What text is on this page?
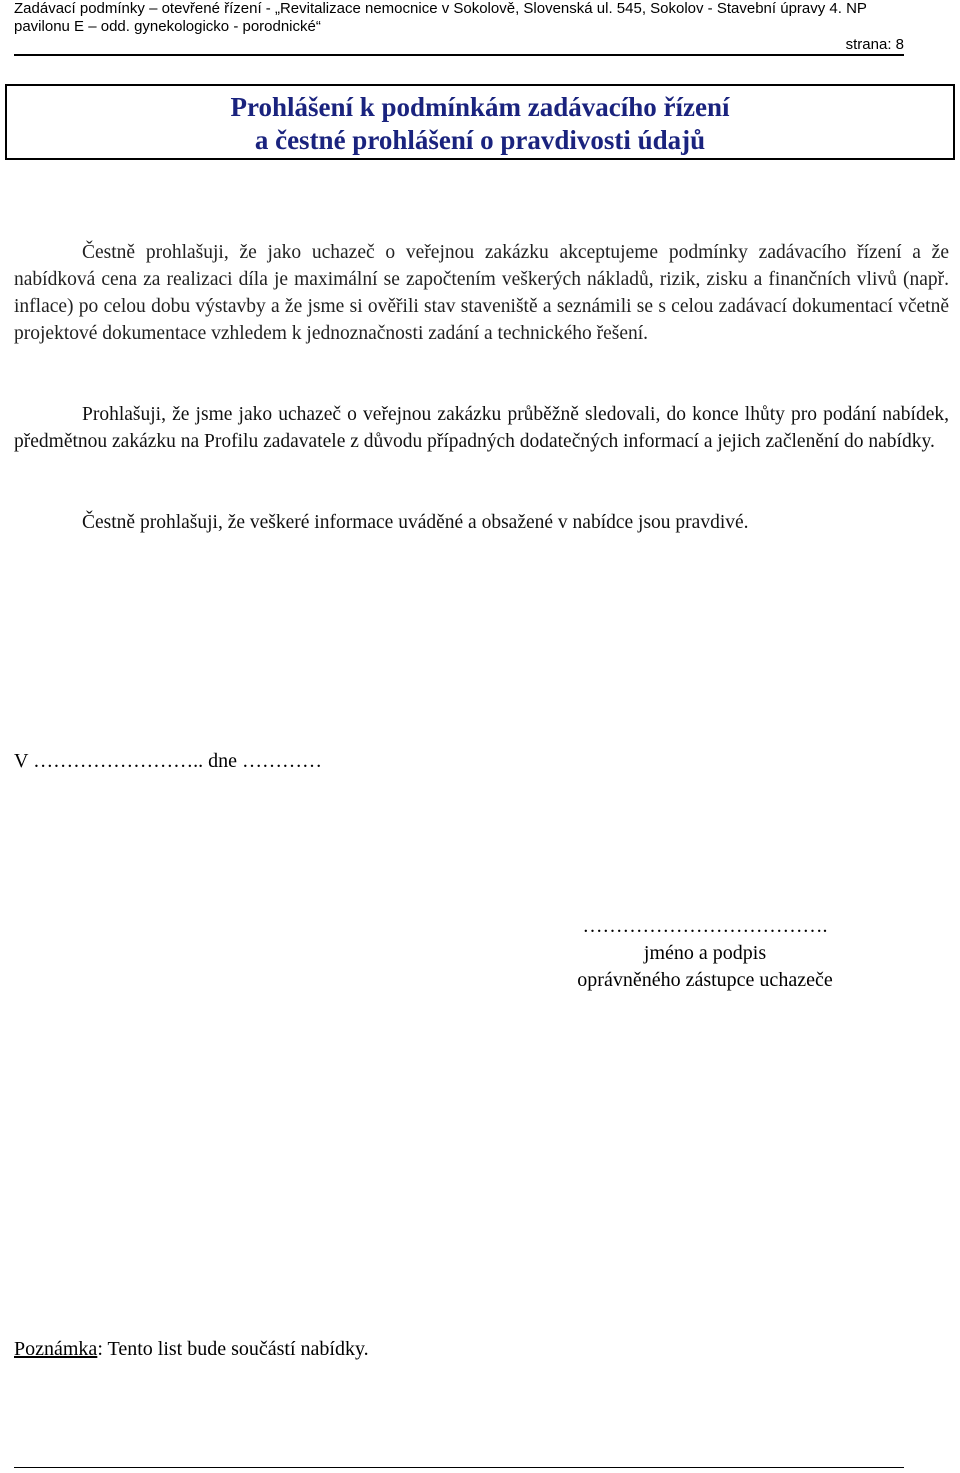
Zadávací podmínky – otevřené řízení - „Revitalizace nemocnice v Sokolově, Slovenská ul. 545, Sokolov - Stavební úpravy 4. NP
pavilonu E – odd. gynekologicko - porodnické“
strana: 8
Prohlášení k podmínkám zadávacího řízení
a čestné prohlášení o pravdivosti údajů
Čestně prohlašuji, že jako uchazeč o veřejnou zakázku akceptujeme podmínky zadávacího řízení a že nabídková cena za realizaci díla je maximální se započtením veškerých nákladů, rizik, zisku a finančních vlivů (např. inflace) po celou dobu výstavby a že jsme si ověřili stav staveniště a seznámili se s celou zadávací dokumentací včetně projektové dokumentace vzhledem k jednoznačnosti zadání a technického řešení.
Prohlašuji, že jsme jako uchazeč o veřejnou zakázku průběžně sledovali, do konce lhůty pro podání nabídek, předmětnou zakázku na Profilu zadavatele z důvodu případných dodatečných informací a jejich začlenění do nabídky.
Čestně prohlašuji, že veškeré informace uváděné a obsažené v nabídce jsou pravdivé.
V …………………….. dne …………
……………………………….
jméno a podpis
oprávněného zástupce uchazeče
Poznámka: Tento list bude součástí nabídky.
